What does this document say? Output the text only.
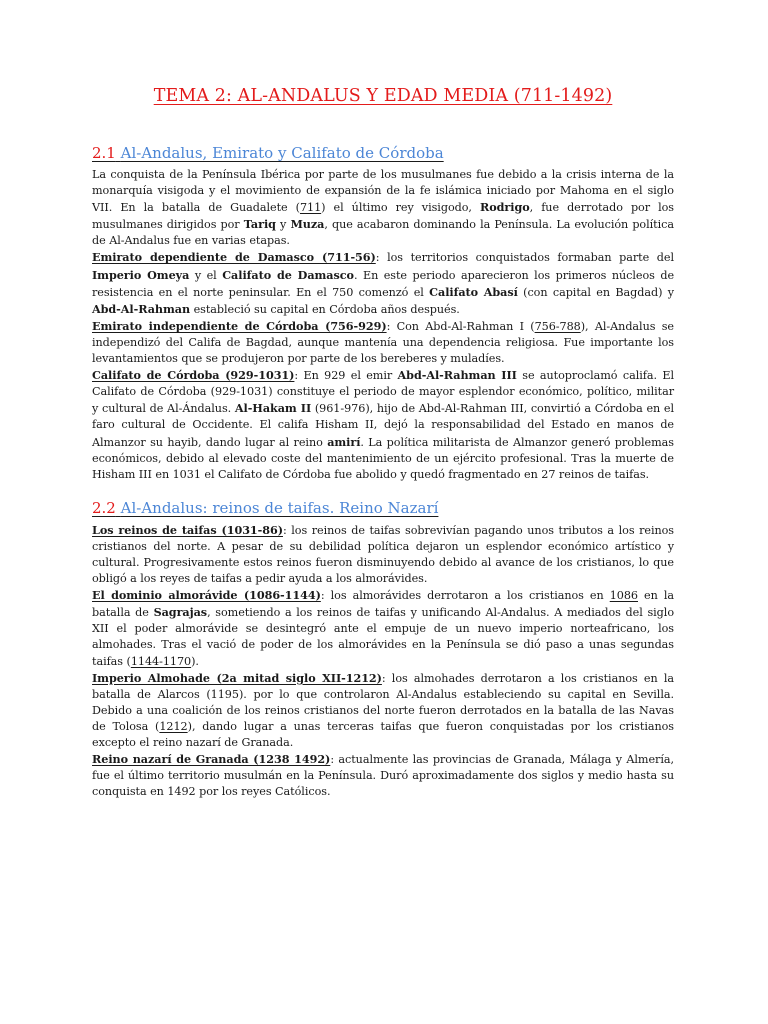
TEMA 2: AL-ANDALUS Y EDAD MEDIA (711-1492)
2.1 Al-Andalus, Emirato y Califato de Córdoba

La conquista de la Península Ibérica por parte de los musulmanes fue debido a la crisis interna de la monarquía visigoda y el movimiento de expansión de la fe islámica iniciado por Mahoma en el siglo VII. En la batalla de Guadalete (711) el último rey visigodo, Rodrigo, fue derrotado por los musulmanes dirigidos por Tariq y Muza, que acabaron dominando la Península. La evolución política de Al-Andalus fue en varias etapas.

Emirato dependiente de Damasco (711-56): los territorios conquistados formaban parte del Imperio Omeya y el Califato de Damasco. En este periodo aparecieron los primeros núcleos de resistencia en el norte peninsular. En el 750 comenzó el Califato Abasí (con capital en Bagdad) y Abd-Al-Rahman estableció su capital en Córdoba años después.

Emirato independiente de Córdoba (756-929): Con Abd-Al-Rahman I (756-788), Al-Andalus se independizó del Califa de Bagdad, aunque mantenía una dependencia religiosa. Fue importante los levantamientos que se produjeron por parte de los bereberes y muladíes.

Califato de Córdoba (929-1031): En 929 el emir Abd-Al-Rahman III se autoproclamó califa. El Califato de Córdoba (929-1031) constituye el periodo de mayor esplendor económico, político, militar y cultural de Al-Ándalus. Al-Hakam II (961-976), hijo de Abd-Al-Rahman III, convirtió a Córdoba en el faro cultural de Occidente. El califa Hisham II, dejó la responsabilidad del Estado en manos de Almanzor su hayib, dando lugar al reino amirí. La política militarista de Almanzor generó problemas económicos, debido al elevado coste del mantenimiento de un ejército profesional. Tras la muerte de Hisham III en 1031 el Califato de Córdoba fue abolido y quedó fragmentado en 27 reinos de taifas.

2.2 Al-Andalus: reinos de taifas. Reino Nazarí

Los reinos de taifas (1031-86): los reinos de taifas sobrevivían pagando unos tributos a los reinos cristianos del norte. A pesar de su debilidad política dejaron un esplendor económico artístico y cultural. Progresivamente estos reinos fueron disminuyendo debido al avance de los cristianos, lo que obligó a los reyes de taifas a pedir ayuda a los almorávides.

El dominio almorávide (1086-1144): los almorávides derrotaron a los cristianos en 1086 en la batalla de Sagrajas, sometiendo a los reinos de taifas y unificando Al-Andalus. A mediados del siglo XII el poder almorávide se desintegró ante el empuje de un nuevo imperio norteafricano, los almohades. Tras el vació de poder de los almorávides en la Península se dió paso a unas segundas taifas (1144-1170).

Imperio Almohade (2a mitad siglo XII-1212): los almohades derrotaron a los cristianos en la batalla de Alarcos (1195). por lo que controlaron Al-Andalus estableciendo su capital en Sevilla. Debido a una coalición de los reinos cristianos del norte fueron derrotados en la batalla de las Navas de Tolosa (1212), dando lugar a unas terceras taifas que fueron conquistadas por los cristianos excepto el reino nazarí de Granada.

Reino nazarí de Granada (1238 1492): actualmente las provincias de Granada, Málaga y Almería, fue el último territorio musulmán en la Península. Duró aproximadamente dos siglos y medio hasta su conquista en 1492 por los reyes Católicos.
